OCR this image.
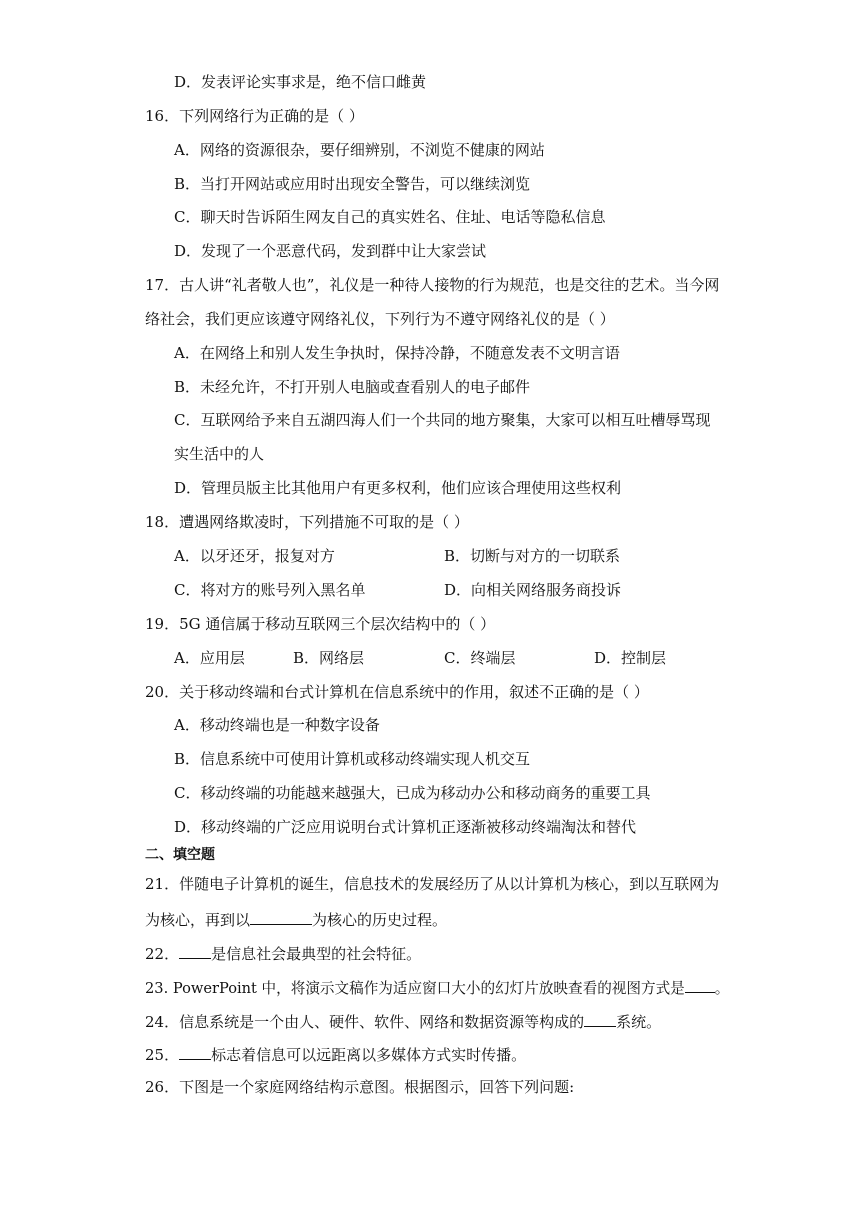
D．发表评论实事求是，绝不信口雌黄
16．下列网络行为正确的是（ ）
A．网络的资源很杂，要仔细辨别，不浏览不健康的网站
B．当打开网站或应用时出现安全警告，可以继续浏览
C．聊天时告诉陌生网友自己的真实姓名、住址、电话等隐私信息
D．发现了一个恶意代码，发到群中让大家尝试
17．古人讲“礼者敬人也”，礼仪是一种待人接物的行为规范，也是交往的艺术。当今网
络社会，我们更应该遵守网络礼仪，下列行为不遵守网络礼仪的是（ ）
A．在网络上和别人发生争执时，保持冷静，不随意发表不文明言语
B．未经允许，不打开别人电脑或查看别人的电子邮件
C．互联网给予来自五湖四海人们一个共同的地方聚集，大家可以相互吐槽辱骂现
实生活中的人
D．管理员版主比其他用户有更多权利，他们应该合理使用这些权利
18．遭遇网络欺凌时，下列措施不可取的是（ ）
A．以牙还牙，报复对方	B．切断与对方的一切联系
C．将对方的账号列入黑名单	D．向相关网络服务商投诉
19．5G 通信属于移动互联网三个层次结构中的（ ）
A．应用层	B．网络层	C．终端层	D．控制层
20．关于移动终端和台式计算机在信息系统中的作用，叙述不正确的是（ ）
A．移动终端也是一种数字设备
B．信息系统中可使用计算机或移动终端实现人机交互
C．移动终端的功能越来越强大，已成为移动办公和移动商务的重要工具
D．移动终端的广泛应用说明台式计算机正逐渐被移动终端淘汰和替代
二、填空题
21．伴随电子计算机的诞生，信息技术的发展经历了从以计算机为核心，到以互联网为
为核心，再到以	为核心的历史过程。
22． 是信息社会最典型的社会特征。
23. PowerPoint 中，将演示文稿作为适应窗口大小的幻灯片放映查看的视图方式是 。
24．信息系统是一个由人、硬件、软件、网络和数据资源等构成的 系统。
25． 标志着信息可以远距离以多媒体方式实时传播。
26．下图是一个家庭网络结构示意图。根据图示，回答下列问题:
